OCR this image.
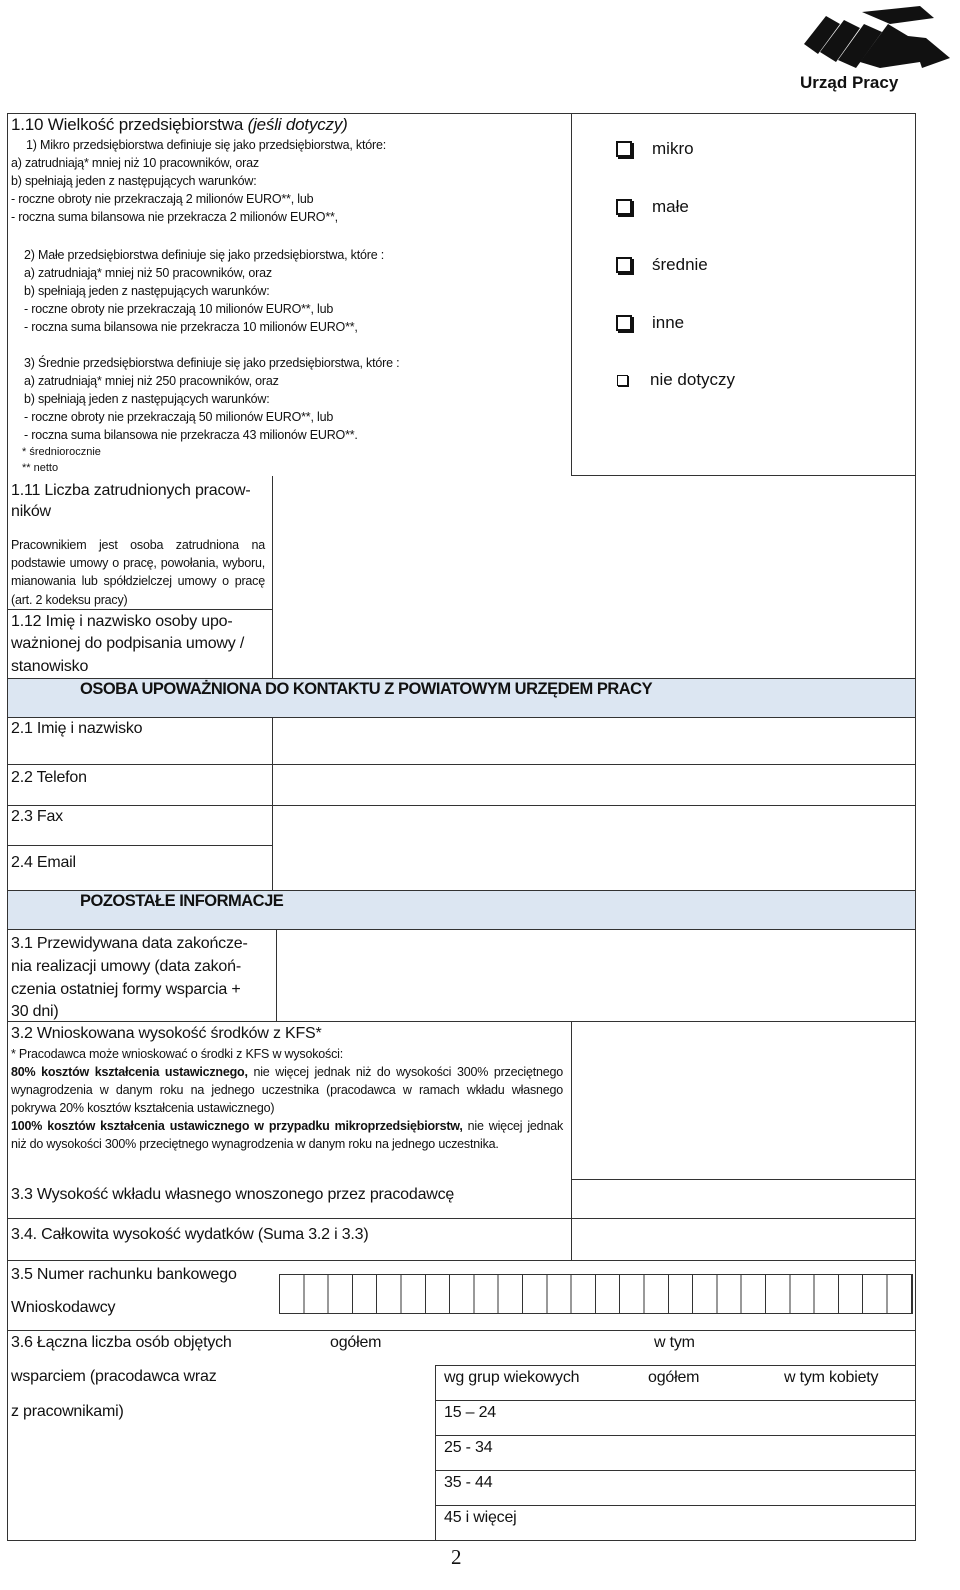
Urząd Pracy
1.10 Wielkość przedsiębiorstwa (jeśli dotyczy)
1) Mikro przedsiębiorstwa definiuje się jako przedsiębiorstwa, które:
a) zatrudniają* mniej niż 10 pracowników, oraz
b) spełniają jeden z następujących warunków:
- roczne obroty nie przekraczają 2 milionów EURO**, lub
- roczna suma bilansowa nie przekracza 2 milionów EURO**,
2) Małe przedsiębiorstwa definiuje się jako przedsiębiorstwa, które :
a) zatrudniają* mniej niż 50 pracowników, oraz
b) spełniają jeden z następujących warunków:
- roczne obroty nie przekraczają 10 milionów EURO**, lub
- roczna suma bilansowa nie przekracza 10 milionów EURO**,
3) Średnie przedsiębiorstwa definiuje się jako przedsiębiorstwa, które :
a) zatrudniają* mniej niż 250 pracowników, oraz
b) spełniają jeden z następujących warunków:
- roczne obroty nie przekraczają 50 milionów EURO**, lub
- roczna suma bilansowa nie przekracza 43 milionów EURO**.
* średniorocznie
** netto
mikro
małe
średnie
inne
nie dotyczy
1.11 Liczba zatrudnionych pracow-
ników
Pracownikiem jest osoba zatrudniona na podstawie umowy o pracę, powołania, wyboru, mianowania lub spółdzielczej umowy o pracę (art. 2 kodeksu pracy)
1.12 Imię i nazwisko osoby upo-
ważnionej do podpisania umowy /
stanowisko
OSOBA UPOWAŻNIONA DO KONTAKTU Z POWIATOWYM URZĘDEM PRACY
2.1 Imię i nazwisko
2.2 Telefon
2.3 Fax
2.4 Email
POZOSTAŁE INFORMACJE
3.1 Przewidywana data zakończe-
nia realizacji umowy (data zakoń-
czenia ostatniej formy wsparcia +
30 dni)
3.2 Wnioskowana wysokość środków z KFS*
* Pracodawca może wnioskować o środki z KFS w wysokości:
80% kosztów kształcenia ustawicznego, nie więcej jednak niż do wysokości 300% przeciętnego wynagrodzenia w danym roku na jednego uczestnika (pracodawca w ramach wkładu własnego pokrywa 20% kosztów kształcenia ustawicznego)
100% kosztów kształcenia ustawicznego w przypadku mikroprzedsiębiorstw, nie więcej jednak niż do wysokości 300% przeciętnego wynagrodzenia w danym roku na jednego uczestnika.
3.3 Wysokość wkładu własnego wnoszonego przez pracodawcę
3.4. Całkowita wysokość wydatków (Suma 3.2 i 3.3)
3.5 Numer rachunku bankowego
Wnioskodawcy
3.6 Łączna liczba osób objętych
wsparciem (pracodawca wraz
z pracownikami)
ogółem	w tym
wg grup wiekowych	ogółem	w tym kobiety
15 – 24
25 - 34
35 - 44
45 i więcej
2
